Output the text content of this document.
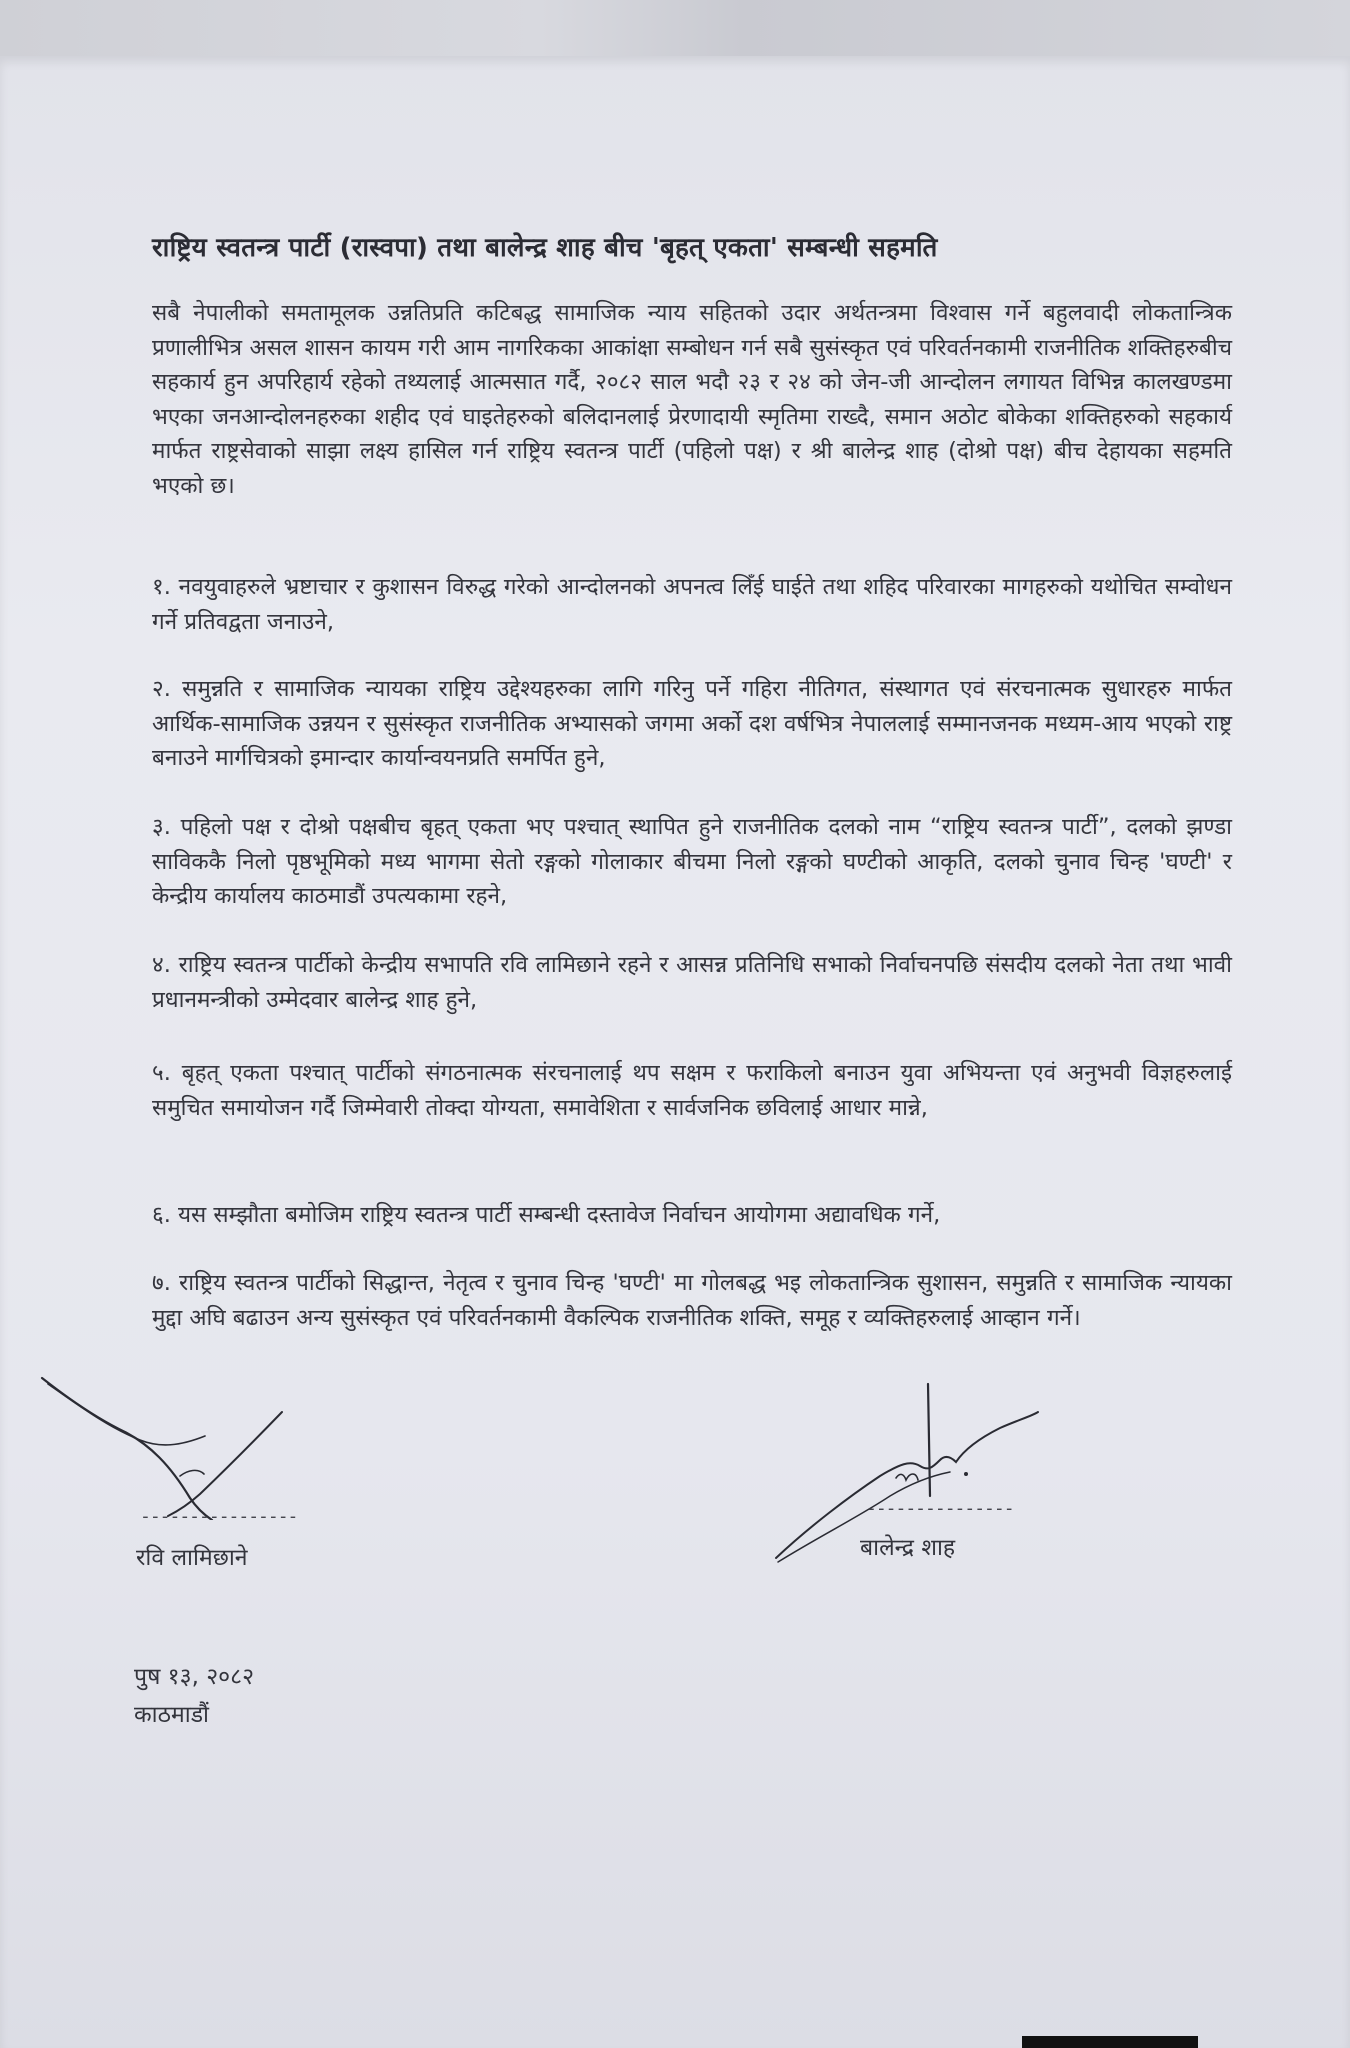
राष्ट्रिय स्वतन्त्र पार्टी (रास्वपा) तथा बालेन्द्र शाह बीच 'बृहत् एकता' सम्बन्धी सहमति
सबै नेपालीको समतामूलक उन्नतिप्रति कटिबद्ध सामाजिक न्याय सहितको उदार अर्थतन्त्रमा विश्वास गर्ने बहुलवादी लोकतान्त्रिक प्रणालीभित्र असल शासन कायम गरी आम नागरिकका आकांक्षा सम्बोधन गर्न सबै सुसंस्कृत एवं परिवर्तनकामी राजनीतिक शक्तिहरुबीच सहकार्य हुन अपरिहार्य रहेको तथ्यलाई आत्मसात गर्दै, २०८२ साल भदौ २३ र २४ को जेन-जी आन्दोलन लगायत विभिन्न कालखण्डमा भएका जनआन्दोलनहरुका शहीद एवं घाइतेहरुको बलिदानलाई प्रेरणादायी स्मृतिमा राख्दै, समान अठोट बोकेका शक्तिहरुको सहकार्य मार्फत राष्ट्रसेवाको साझा लक्ष्य हासिल गर्न राष्ट्रिय स्वतन्त्र पार्टी (पहिलो पक्ष) र श्री बालेन्द्र शाह (दोश्रो पक्ष) बीच देहायका सहमति भएको छ।
१. नवयुवाहरुले भ्रष्टाचार र कुशासन विरुद्ध गरेको आन्दोलनको अपनत्व लिँई घाईते तथा शहिद परिवारका मागहरुको यथोचित सम्वोधन गर्ने प्रतिवद्वता जनाउने,
२. समुन्नति र सामाजिक न्यायका राष्ट्रिय उद्देश्यहरुका लागि गरिनु पर्ने गहिरा नीतिगत, संस्थागत एवं संरचनात्मक सुधारहरु मार्फत आर्थिक-सामाजिक उन्नयन र सुसंस्कृत राजनीतिक अभ्यासको जगमा अर्को दश वर्षभित्र नेपाललाई सम्मानजनक मध्यम-आय भएको राष्ट्र बनाउने मार्गचित्रको इमान्दार कार्यान्वयनप्रति समर्पित हुने,
३. पहिलो पक्ष र दोश्रो पक्षबीच बृहत् एकता भए पश्चात् स्थापित हुने राजनीतिक दलको नाम “राष्ट्रिय स्वतन्त्र पार्टी”, दलको झण्डा साविककै निलो पृष्ठभूमिको मध्य भागमा सेतो रङ्गको गोलाकार बीचमा निलो रङ्गको घण्टीको आकृति, दलको चुनाव चिन्ह 'घण्टी' र केन्द्रीय कार्यालय काठमाडौं उपत्यकामा रहने,
४. राष्ट्रिय स्वतन्त्र पार्टीको केन्द्रीय सभापति रवि लामिछाने रहने र आसन्न प्रतिनिधि सभाको निर्वाचनपछि संसदीय दलको नेता तथा भावी प्रधानमन्त्रीको उम्मेदवार बालेन्द्र शाह हुने,
५. बृहत् एकता पश्चात् पार्टीको संगठनात्मक संरचनालाई थप सक्षम र फराकिलो बनाउन युवा अभियन्ता एवं अनुभवी विज्ञहरुलाई समुचित समायोजन गर्दै जिम्मेवारी तोक्दा योग्यता, समावेशिता र सार्वजनिक छविलाई आधार मान्ने,
६. यस सम्झौता बमोजिम राष्ट्रिय स्वतन्त्र पार्टी सम्बन्धी दस्तावेज निर्वाचन आयोगमा अद्यावधिक गर्ने,
७. राष्ट्रिय स्वतन्त्र पार्टीको सिद्धान्त, नेतृत्व र चुनाव चिन्ह 'घण्टी' मा गोलबद्ध भइ लोकतान्त्रिक सुशासन, समुन्नति र सामाजिक न्यायका मुद्दा अघि बढाउन अन्य सुसंस्कृत एवं परिवर्तनकामी वैकल्पिक राजनीतिक शक्ति, समूह र व्यक्तिहरुलाई आव्हान गर्ने।
----------------	---------------
रवि लामिछाने	बालेन्द्र शाह
पुष १३, २०८२
काठमाडौं
